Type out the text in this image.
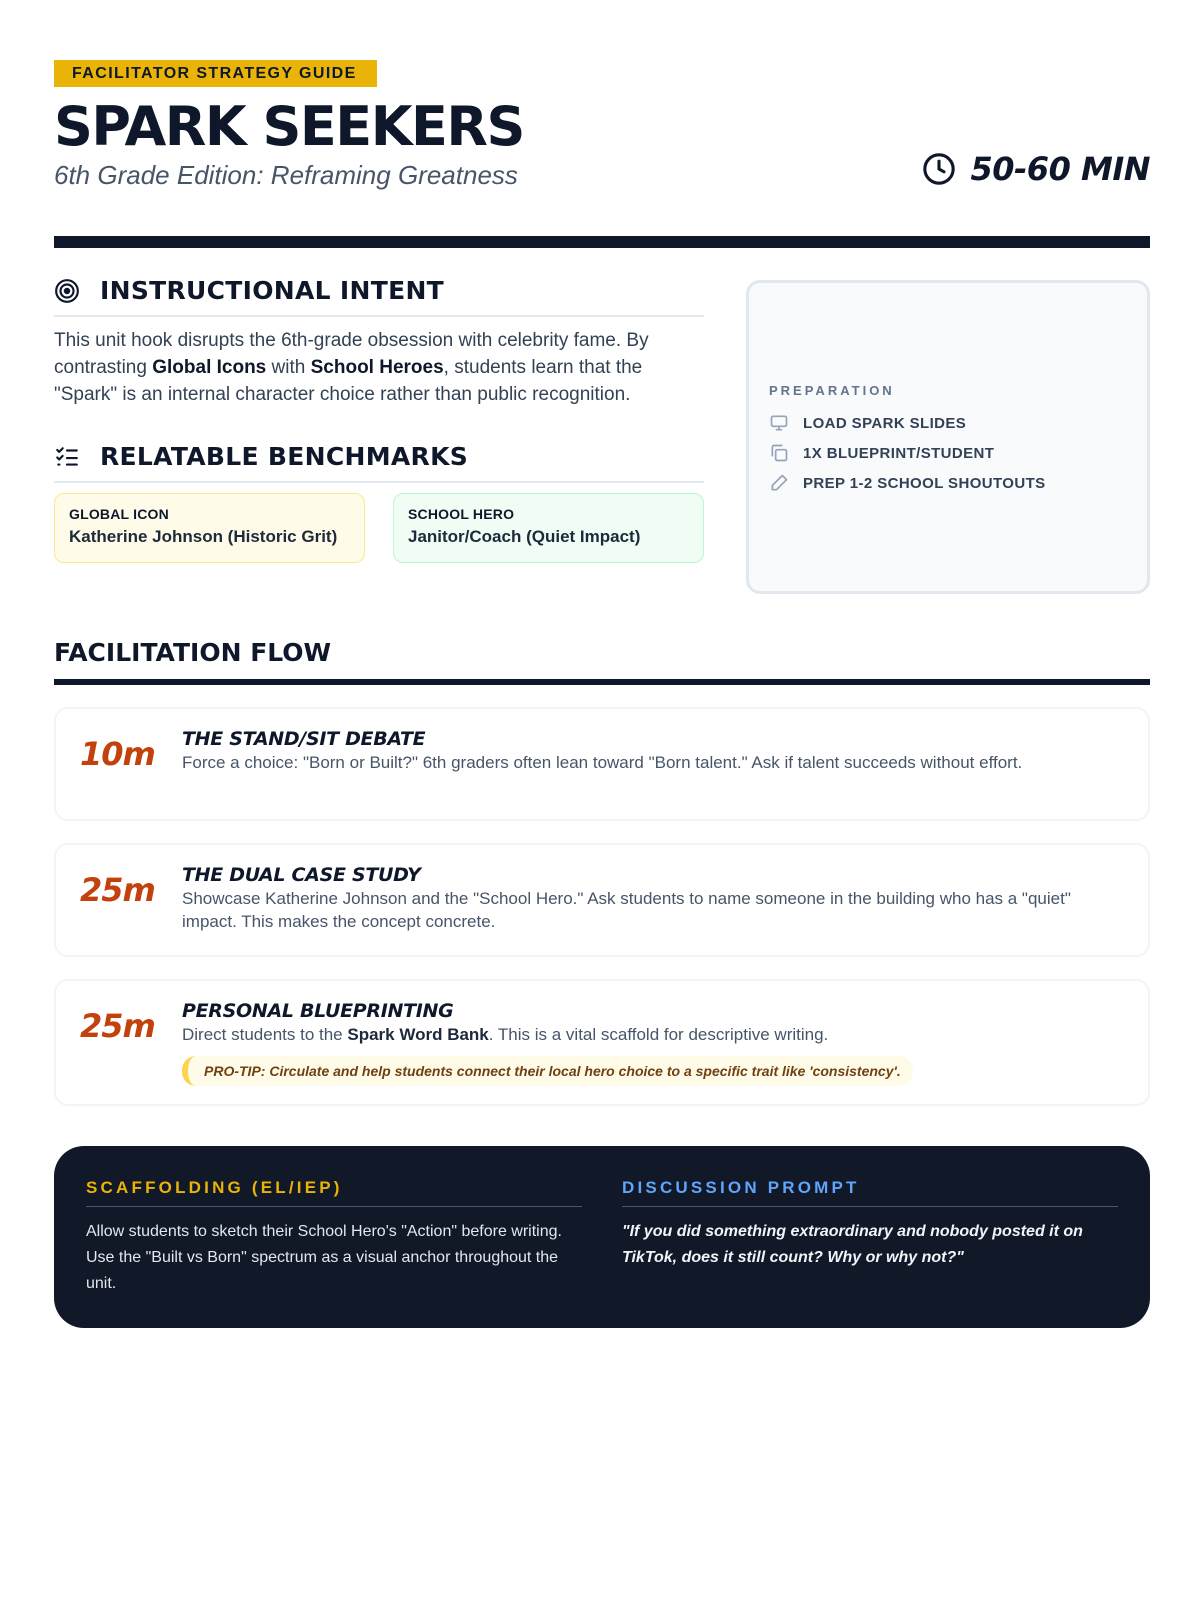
FACILITATOR STRATEGY GUIDE
SPARK SEEKERS
6th Grade Edition: Reframing Greatness	50-60 MIN
INSTRUCTIONAL INTENT

This unit hook disrupts the 6th-grade obsession with celebrity fame. By contrasting Global Icons with School Heroes, students learn that the "Spark" is an internal character choice rather than public recognition.

RELATABLE BENCHMARKS
GLOBAL ICON
Katherine Johnson (Historic Grit)
SCHOOL HERO
Janitor/Coach (Quiet Impact)
PREPARATION
LOAD SPARK SLIDES
1X BLUEPRINT/STUDENT
PREP 1-2 SCHOOL SHOUTOUTS
FACILITATION FLOW
10m	THE STAND/SIT DEBATE
Force a choice: "Born or Built?" 6th graders often lean toward "Born talent." Ask if talent succeeds without effort.
25m	THE DUAL CASE STUDY
Showcase Katherine Johnson and the "School Hero." Ask students to name someone in the building who has a "quiet" impact. This makes the concept concrete.
25m	PERSONAL BLUEPRINTING
Direct students to the Spark Word Bank. This is a vital scaffold for descriptive writing.
PRO-TIP: Circulate and help students connect their local hero choice to a specific trait like 'consistency'.
SCAFFOLDING (EL/IEP)
Allow students to sketch their School Hero's "Action" before writing. Use the "Built vs Born" spectrum as a visual anchor throughout the unit.
DISCUSSION PROMPT
"If you did something extraordinary and nobody posted it on TikTok, does it still count? Why or why not?"
